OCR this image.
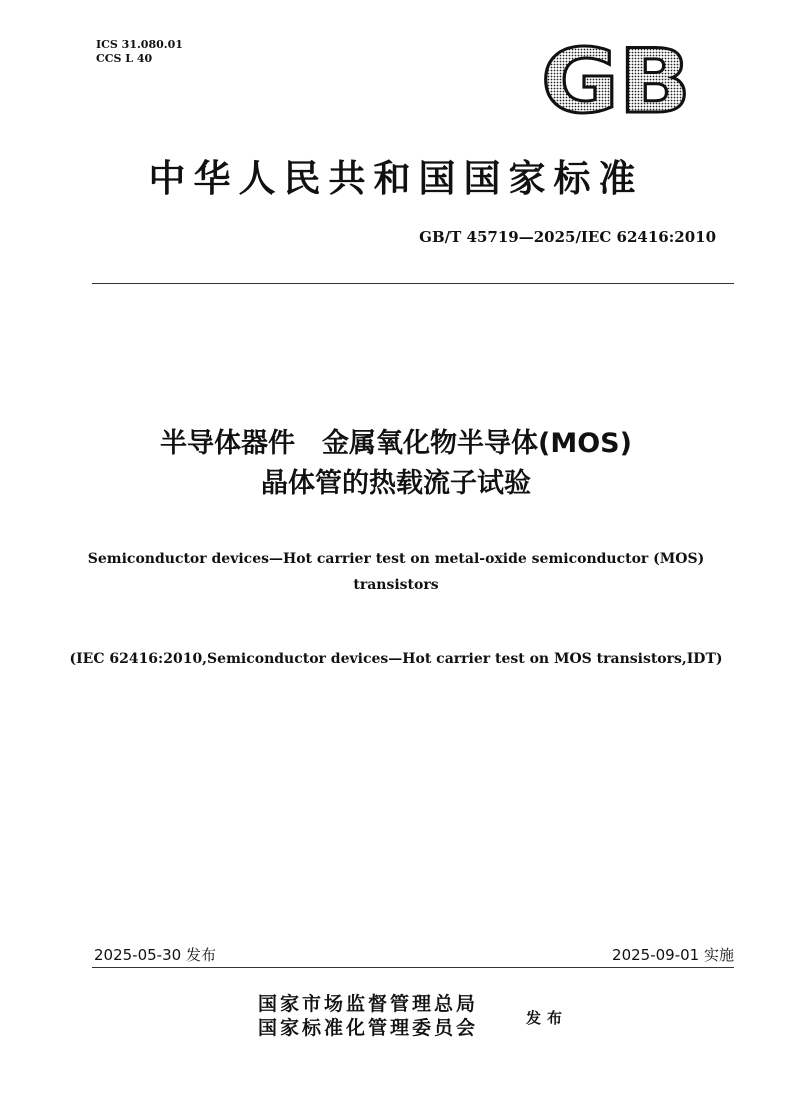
ICS 31.080.01
CCS L 40	GB
中华人民共和国国家标准
GB/T 45719—2025/IEC 62416:2010
半导体器件　金属氧化物半导体(MOS)
晶体管的热载流子试验
Semiconductor devices—Hot carrier test on metal-oxide semiconductor (MOS) transistors
(IEC 62416:2010,Semiconductor devices—Hot carrier test on MOS transistors,IDT)
2025-05-30 发布	2025-09-01 实施
国家市场监督管理总局
国家标准化管理委员会	发布
